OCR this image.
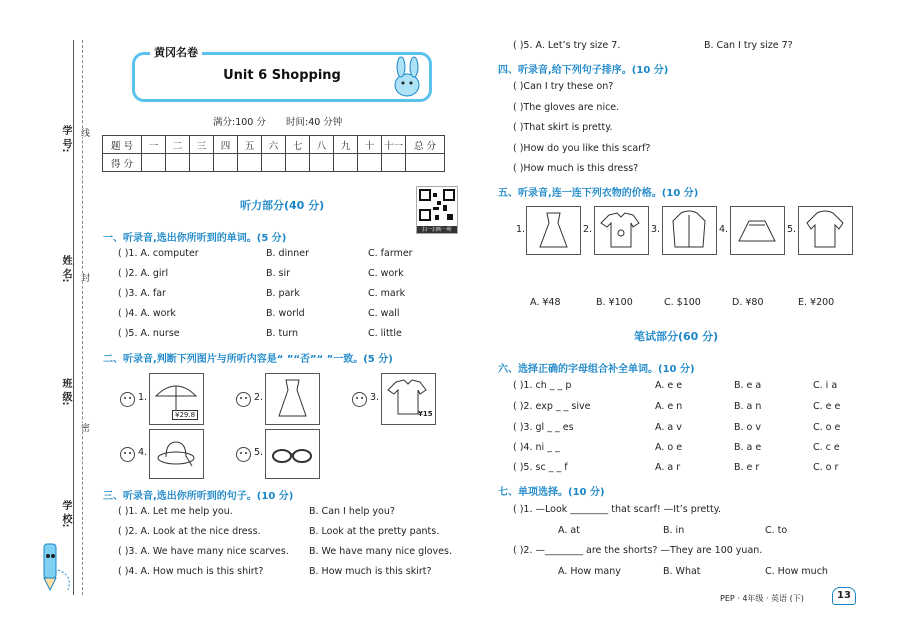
学 号:
姓 名:
班 级:
学 校:
线
封
密
Unit 6 Shopping
黄冈名卷
满分:100 分 时间:40 分钟
题 号	一	二	三	四	五	六	七	八	九	十	十一	总 分
得 分												
听力部分(40 分)
扫一扫听一听
一、听录音,选出你所听到的单词。(5 分)
( )1. A. computer	B. dinner	C. farmer
( )2. A. girl	B. sir	C. work
( )3. A. far	B. park	C. mark
( )4. A. work	B. world	C. wall
( )5. A. nurse	B. turn	C. little
二、听录音,判断下列图片与所听内容是“ ”“否”“ ”一致。(5 分)
1.
¥29.8
2.	3.
¥15
4.	5.
三、听录音,选出你所听到的句子。(10 分)
( )1. A. Let me help you.	B. Can I help you?
( )2. A. Look at the nice dress.	B. Look at the pretty pants.
( )3. A. We have many nice scarves. B. We have many nice gloves.
( )4. A. How much is this shirt?	B. How much is this skirt?
( )5. A. Let’s try size 7.	B. Can I try size 7?
四、听录音,给下列句子排序。(10 分)
( )Can I try these on?
( )The gloves are nice.
( )That skirt is pretty.
( )How do you like this scarf?
( )How much is this dress?
五、听录音,连一连下列衣物的价格。(10 分)
1.	2.	3.	4.	5.
A. ¥48	B. ¥100	C. $100	D. ¥80	E. ¥200
笔试部分(60 分)
六、选择正确的字母组合补全单词。(10 分)
( )1. ch _ _ p	A. e e	B. e a	C. i a
( )2. exp _ _ sive	A. e n	B. a n	C. e e
( )3. gl _ _ es	A. a v	B. o v	C. o e
( )4. ni _ _	A. o e	B. a e	C. c e
( )5. sc _ _ f	A. a r	B. e r	C. o r
七、单项选择。(10 分)
( )1. —Look ________ that scarf! —It’s pretty.
A. at	B. in	C. to
( )2. —________ are the shorts? —They are 100 yuan.
A. How many	B. What	C. How much
PEP · 4年级 · 英语 (下)	13
